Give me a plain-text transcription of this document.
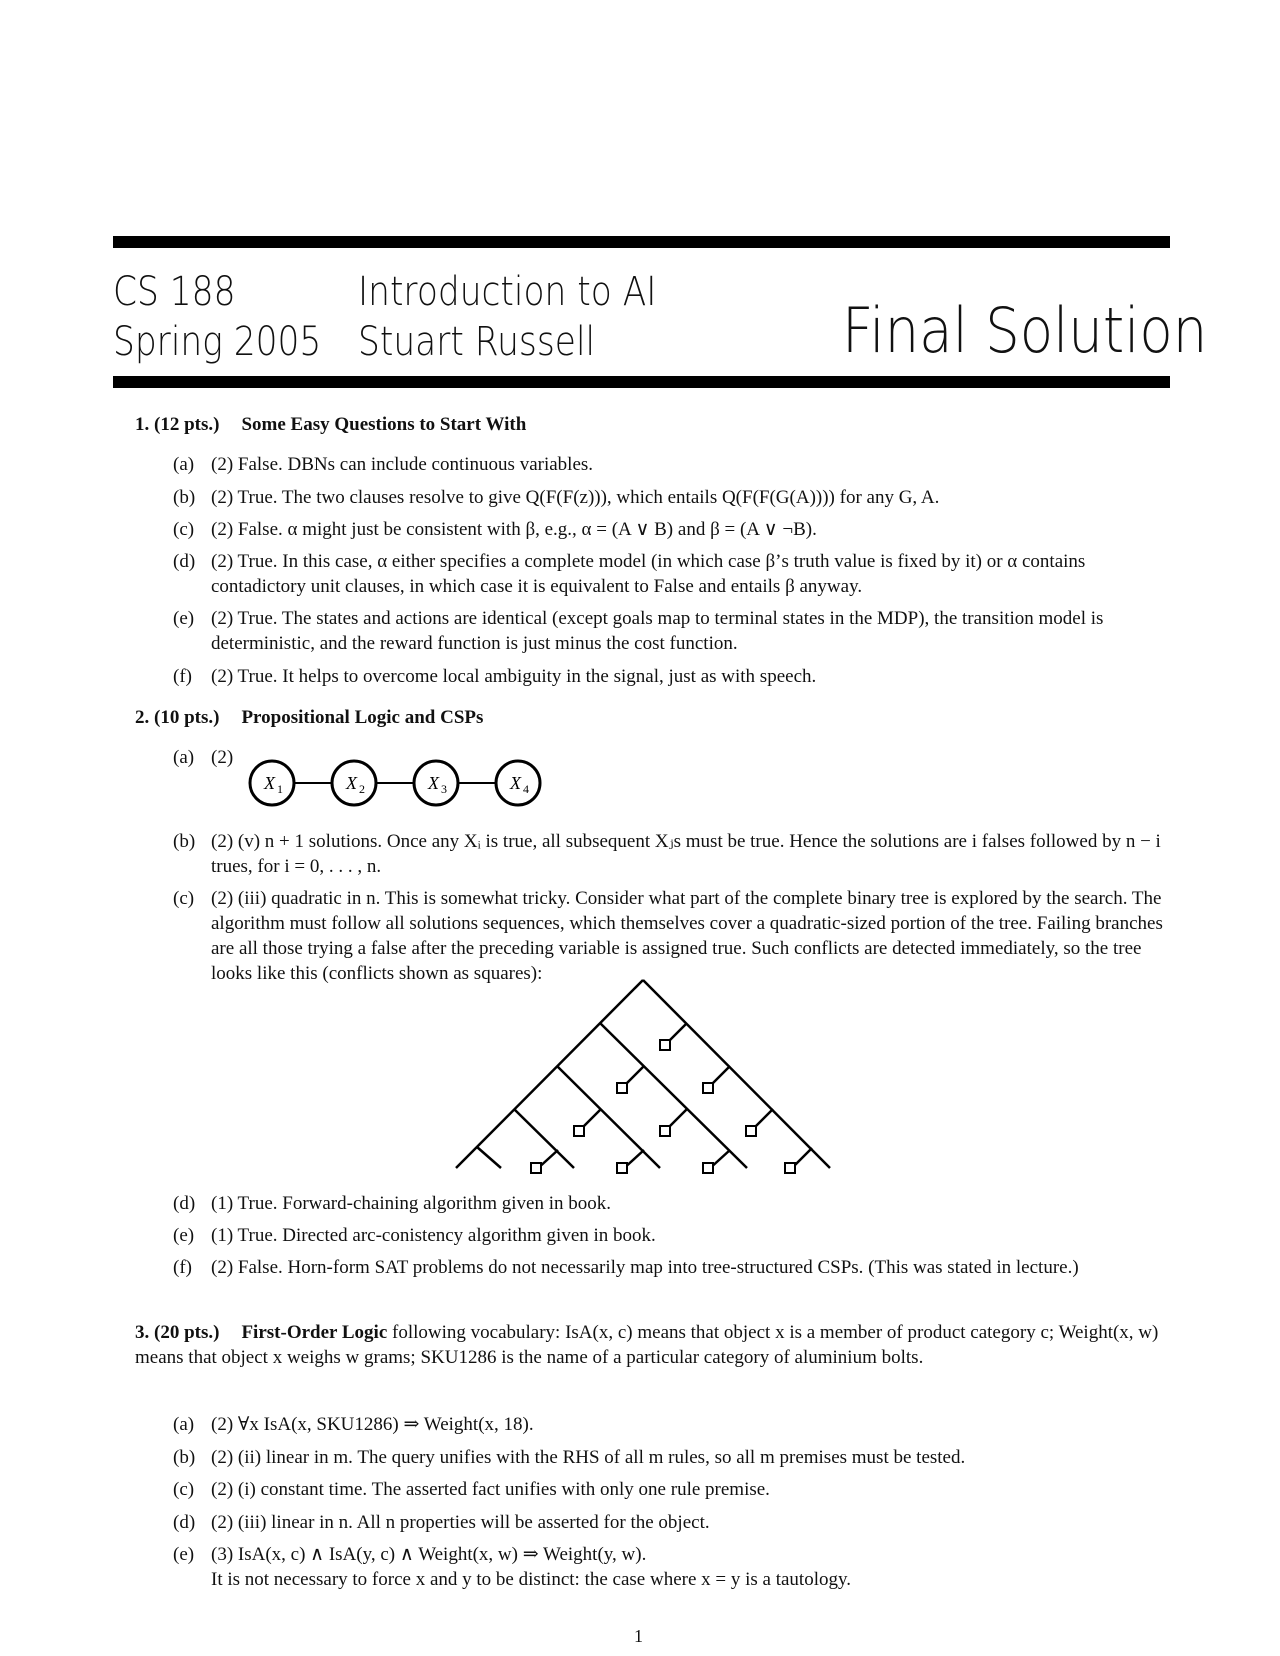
CS 188
Spring 2005
Introduction to AI
Stuart Russell	Final Solution
1. (12 pts.) Some Easy Questions to Start With
(a) (2) False. DBNs can include continuous variables.
(b) (2) True. The two clauses resolve to give Q(F(F(z))), which entails Q(F(F(G(A)))) for any G, A.
(c) (2) False. α might just be consistent with β, e.g., α = (A ∨ B) and β = (A ∨ ¬B).
(d) (2) True. In this case, α either specifies a complete model (in which case β’s truth value is fixed by it) or α contains contadictory unit clauses, in which case it is equivalent to False and entails β anyway.
(e) (2) True. The states and actions are identical (except goals map to terminal states in the MDP), the transition model is deterministic, and the reward function is just minus the cost function.
(f)	(2) True. It helps to overcome local ambiguity in the signal, just as with speech.
2. (10 pts.) Propositional Logic and CSPs
(a) (2)
X 1	X 2	X 3	X 4
(b) (2) (v) n + 1 solutions. Once any Xᵢ is true, all subsequent Xⱼs must be true. Hence the solutions are i falses followed by n − i trues, for i = 0, . . . , n.
(c) (2) (iii) quadratic in n. This is somewhat tricky. Consider what part of the complete binary tree is explored by the search. The algorithm must follow all solutions sequences, which themselves cover a quadratic-sized portion of the tree. Failing branches are all those trying a false after the preceding variable is assigned true. Such conflicts are detected immediately, so the tree looks like this (conflicts shown as squares):
(d) (1) True. Forward-chaining algorithm given in book.
(e) (1) True. Directed arc-conistency algorithm given in book.
(f)	(2) False. Horn-form SAT problems do not necessarily map into tree-structured CSPs. (This was stated in lecture.)
3. (20 pts.) First-Order Logic following vocabulary: IsA(x, c) means that object x is a member of product category c; Weight(x, w) means that object x weighs w grams; SKU1286 is the name of a particular category of aluminium bolts.
(a) (2) ∀x IsA(x, SKU1286) ⇒ Weight(x, 18).
(b) (2) (ii) linear in m. The query unifies with the RHS of all m rules, so all m premises must be tested.
(c) (2) (i) constant time. The asserted fact unifies with only one rule premise.
(d) (2) (iii) linear in n. All n properties will be asserted for the object.
(e) (3) IsA(x, c) ∧ IsA(y, c) ∧ Weight(x, w) ⇒ Weight(y, w).
It is not necessary to force x and y to be distinct: the case where x = y is a tautology.
1
